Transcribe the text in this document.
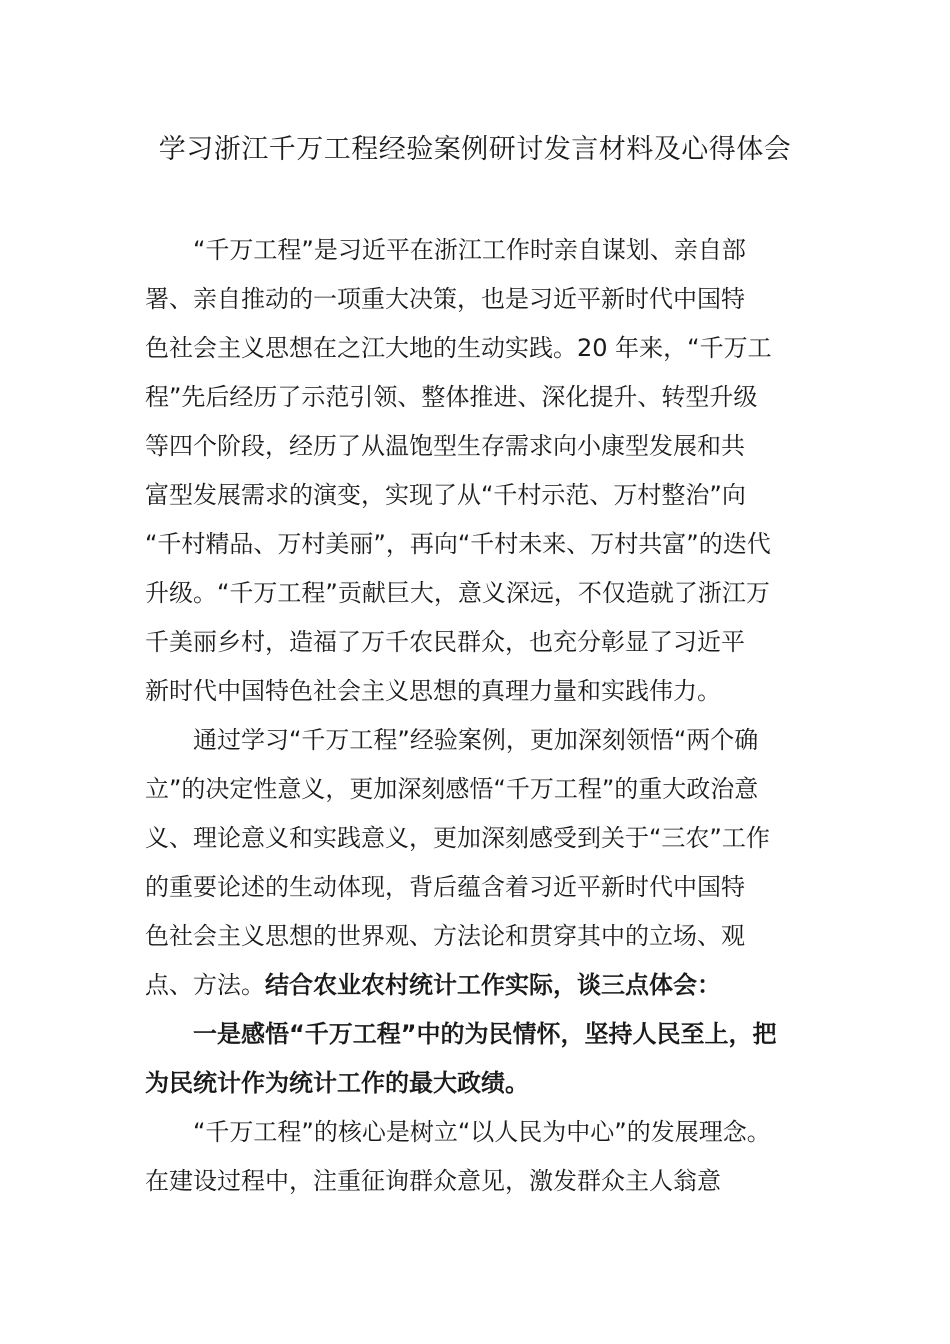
学习浙江千万工程经验案例研讨发言材料及心得体会
“千万工程”是习近平在浙江工作时亲自谋划、亲自部
署、亲自推动的一项重大决策，也是习近平新时代中国特
色社会主义思想在之江大地的生动实践。20 年来，“千万工
程”先后经历了示范引领、整体推进、深化提升、转型升级
等四个阶段，经历了从温饱型生存需求向小康型发展和共
富型发展需求的演变，实现了从“千村示范、万村整治”向
“千村精品、万村美丽”，再向“千村未来、万村共富”的迭代
升级。“千万工程”贡献巨大，意义深远，不仅造就了浙江万
千美丽乡村，造福了万千农民群众，也充分彰显了习近平
新时代中国特色社会主义思想的真理力量和实践伟力。
通过学习“千万工程”经验案例，更加深刻领悟“两个确
立”的决定性意义，更加深刻感悟“千万工程”的重大政治意
义、理论意义和实践意义，更加深刻感受到关于“三农”工作
的重要论述的生动体现，背后蕴含着习近平新时代中国特
色社会主义思想的世界观、方法论和贯穿其中的立场、观
点、方法。结合农业农村统计工作实际，谈三点体会：
一是感悟“千万工程”中的为民情怀，坚持人民至上，把
为民统计作为统计工作的最大政绩。
“千万工程”的核心是树立“以人民为中心”的发展理念。
在建设过程中，注重征询群众意见，激发群众主人翁意
